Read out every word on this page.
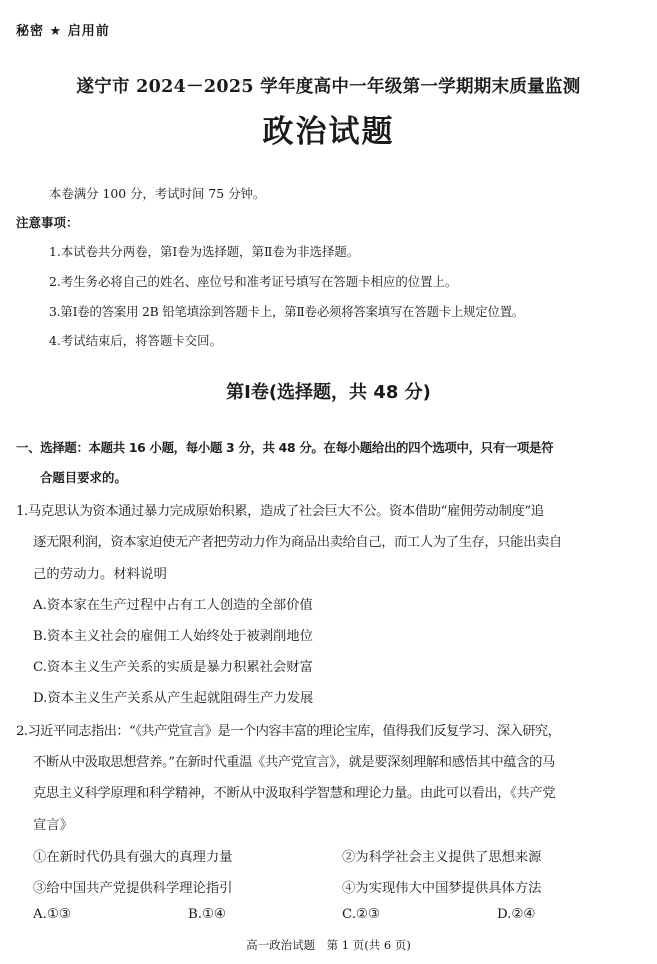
秘密 ★ 启用前
遂宁市 2024－2025 学年度高中一年级第一学期期末质量监测
政治试题
本卷满分 100 分，考试时间 75 分钟。
注意事项：
1.本试卷共分两卷，第Ⅰ卷为选择题，第Ⅱ卷为非选择题。
2.考生务必将自己的姓名、座位号和准考证号填写在答题卡相应的位置上。
3.第Ⅰ卷的答案用 2B 铅笔填涂到答题卡上，第Ⅱ卷必须将答案填写在答题卡上规定位置。
4.考试结束后，将答题卡交回。
第Ⅰ卷(选择题，共 48 分)
一、选择题：本题共 16 小题，每小题 3 分，共 48 分。在每小题给出的四个选项中，只有一项是符
合题目要求的。
1.马克思认为资本通过暴力完成原始积累，造成了社会巨大不公。资本借助“雇佣劳动制度”追
逐无限利润，资本家迫使无产者把劳动力作为商品出卖给自己，而工人为了生存，只能出卖自
己的劳动力。材料说明
A.资本家在生产过程中占有工人创造的全部价值
B.资本主义社会的雇佣工人始终处于被剥削地位
C.资本主义生产关系的实质是暴力积累社会财富
D.资本主义生产关系从产生起就阻碍生产力发展
2.习近平同志指出：“《共产党宣言》是一个内容丰富的理论宝库，值得我们反复学习、深入研究，
不断从中汲取思想营养。”在新时代重温《共产党宣言》，就是要深刻理解和感悟其中蕴含的马
克思主义科学原理和科学精神，不断从中汲取科学智慧和理论力量。由此可以看出，《共产党
宣言》
①在新时代仍具有强大的真理力量	②为科学社会主义提供了思想来源
③给中国共产党提供科学理论指引	④为实现伟大中国梦提供具体方法
A.①③	B.①④	C.②③	D.②④
高一政治试题　第 1 页(共 6 页)
